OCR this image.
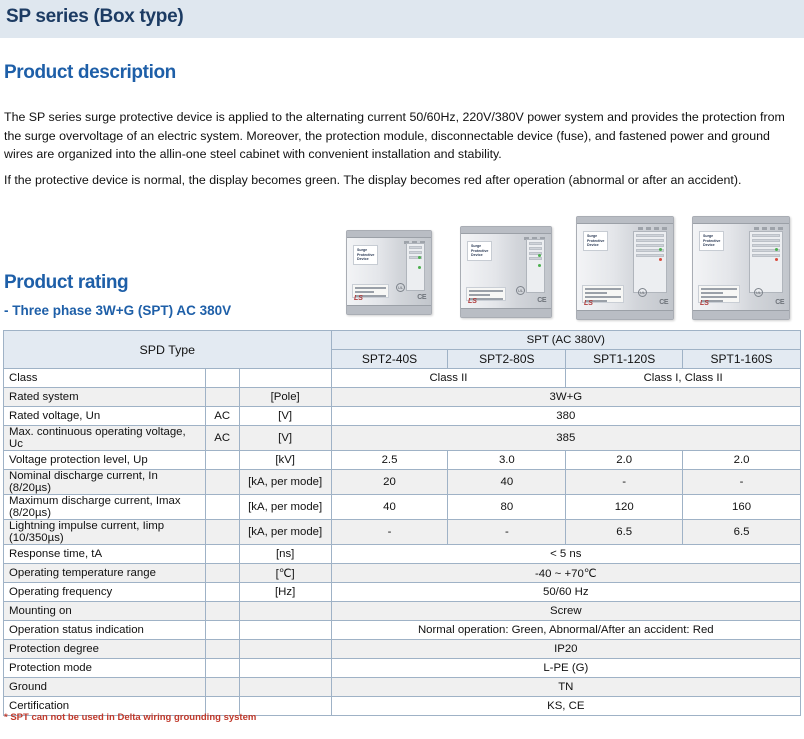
SP series (Box type)
Product description

The SP series surge protective device is applied to the alternating current 50/60Hz, 220V/380V power system and provides the protection from the surge overvoltage of an electric system. Moreover, the protection module, disconnectable device (fuse), and fastened power and ground wires are organized into the allin-one steel cabinet with convenient installation and stability.

If the protective device is normal, the display becomes green. The display becomes red after operation (abnormal or after an accident).

Product rating
- Three phase 3W+G (SPT) AC 380V
Surge
Protective
Device
UL
CE
LS
Surge
Protective
Device
UL
CE
LS
Surge
Protective
Device
UL
CE
LS
Surge
Protective
Device
UL
CE
LS
SPD Type			SPT (AC 380V)			
			SPT2-40S	SPT2-80S	SPT1-120S	SPT1-160S
Class			Class II		Class I, Class II	
Rated system		[Pole]	3W+G			
Rated voltage, Un	AC	[V]	380			
Max. continuous operating voltage, Uc	AC	[V]	385			
Voltage protection level, Up		[kV]	2.5	3.0	2.0	2.0
Nominal discharge current, In (8/20µs)		[kA, per mode]	20	40	-	-
Maximum discharge current, Imax (8/20µs)		[kA, per mode]	40	80	120	160
Lightning impulse current, Iimp (10/350µs)		[kA, per mode]	-	-	6.5	6.5
Response time, tA		[ns]	< 5 ns			
Operating temperature range		[℃]	-40 ~ +70℃			
Operating frequency		[Hz]	50/60 Hz			
Mounting on			Screw			
Operation status indication			Normal operation: Green, Abnormal/After an accident: Red			
Protection degree			IP20			
Protection mode			L-PE (G)			
Ground			TN			
Certification			KS, CE			
* SPT can not be used in Delta wiring grounding system
